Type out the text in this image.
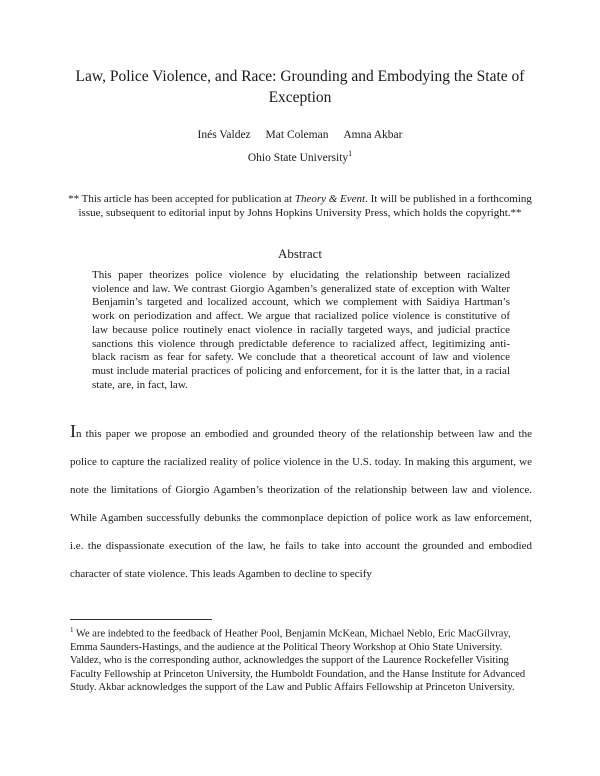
Law, Police Violence, and Race: Grounding and Embodying the State of Exception
Inés Valdez Mat Coleman Amna Akbar
Ohio State University$^1$
** This article has been accepted for publication at Theory & Event. It will be published in a forthcoming issue, subsequent to editorial input by Johns Hopkins University Press, which holds the copyright.**
Abstract
This paper theorizes police violence by elucidating the relationship between racialized violence and law. We contrast Giorgio Agamben’s generalized state of exception with Walter Benjamin’s targeted and localized account, which we complement with Saidiya Hartman’s work on periodization and affect. We argue that racialized police violence is constitutive of law because police routinely enact violence in racially targeted ways, and judicial practice sanctions this violence through predictable deference to racialized affect, legitimizing anti-black racism as fear for safety. We conclude that a theoretical account of law and violence must include material practices of policing and enforcement, for it is the latter that, in a racial state, are, in fact, law.

In this paper we propose an embodied and grounded theory of the relationship between law and the police to capture the racialized reality of police violence in the U.S. today. In making this argument, we note the limitations of Giorgio Agamben’s theorization of the relationship between law and violence. While Agamben successfully debunks the commonplace depiction of police work as law enforcement, i.e. the dispassionate execution of the law, he fails to take into account the grounded and embodied character of state violence. This leads Agamben to decline to specify

$^1$ We are indebted to the feedback of Heather Pool, Benjamin McKean, Michael Neblo, Eric MacGilvray, Emma Saunders-Hastings, and the audience at the Political Theory Workshop at Ohio State University. Valdez, who is the corresponding author, acknowledges the support of the Laurence Rockefeller Visiting Faculty Fellowship at Princeton University, the Humboldt Foundation, and the Hanse Institute for Advanced Study. Akbar acknowledges the support of the Law and Public Affairs Fellowship at Princeton University.
